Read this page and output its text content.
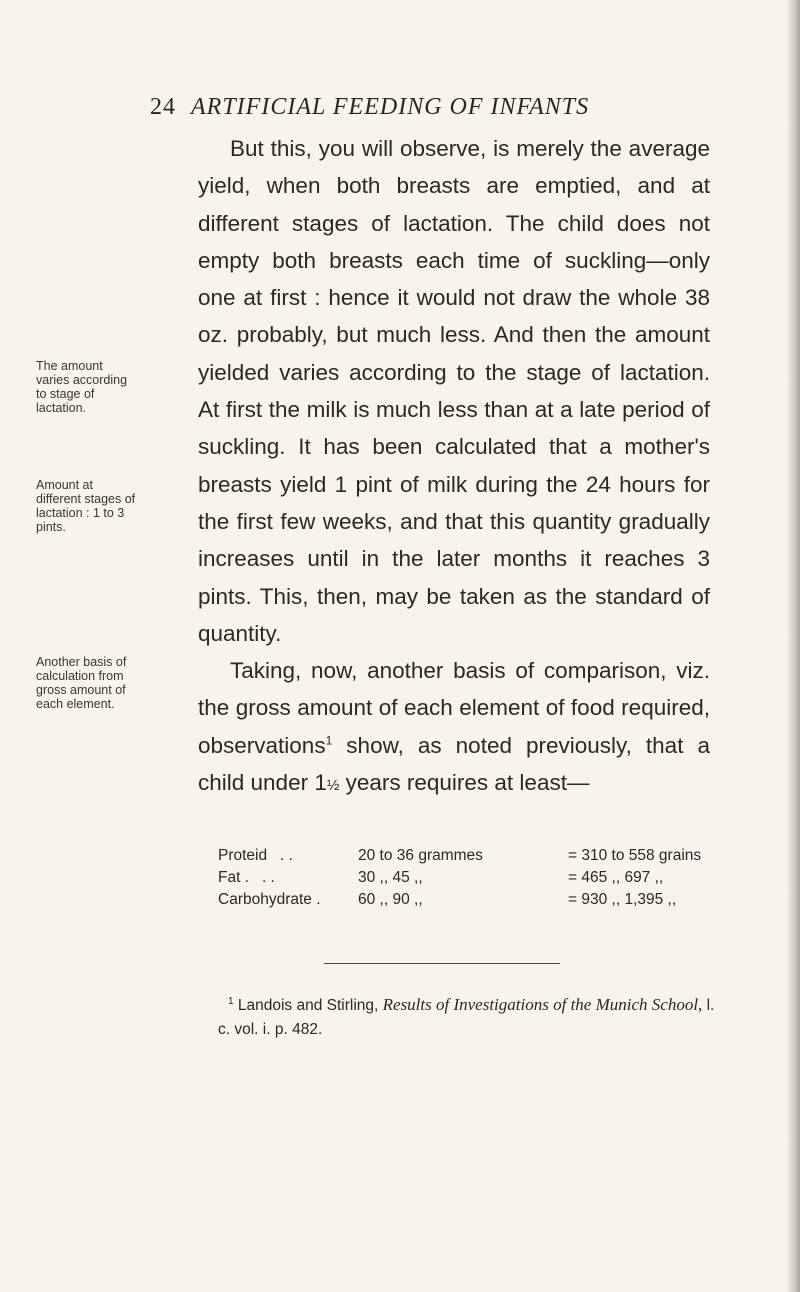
24 ARTIFICIAL FEEDING OF INFANTS
The amount varies according to stage of lactation.
Amount at different stages of lactation : 1 to 3 pints.
Another basis of calculation from gross amount of each element.

But this, you will observe, is merely the average yield, when both breasts are emptied, and at different stages of lactation. The child does not empty both breasts each time of suckling—only one at first : hence it would not draw the whole 38 oz. probably, but much less. And then the amount yielded varies according to the stage of lactation. At first the milk is much less than at a late period of suckling. It has been calculated that a mother's breasts yield 1 pint of milk during the 24 hours for the first few weeks, and that this quantity gradually increases until in the later months it reaches 3 pints. This, then, may be taken as the standard of quantity.

Taking, now, another basis of comparison, viz. the gross amount of each element of food required, observations$^1$ show, as noted previously, that a child under 1½ years requires at least—

Proteid . .	20 to 36 grammes	= 310 to 558 grains
Fat . . .	30 ,, 45 ,,	= 465 ,, 697 ,,
Carbohydrate .	60 ,, 90 ,,	= 930 ,, 1,395 ,,
$^1$ Landois and Stirling, Results of Investigations of the Munich School, l. c. vol. i. p. 482.
